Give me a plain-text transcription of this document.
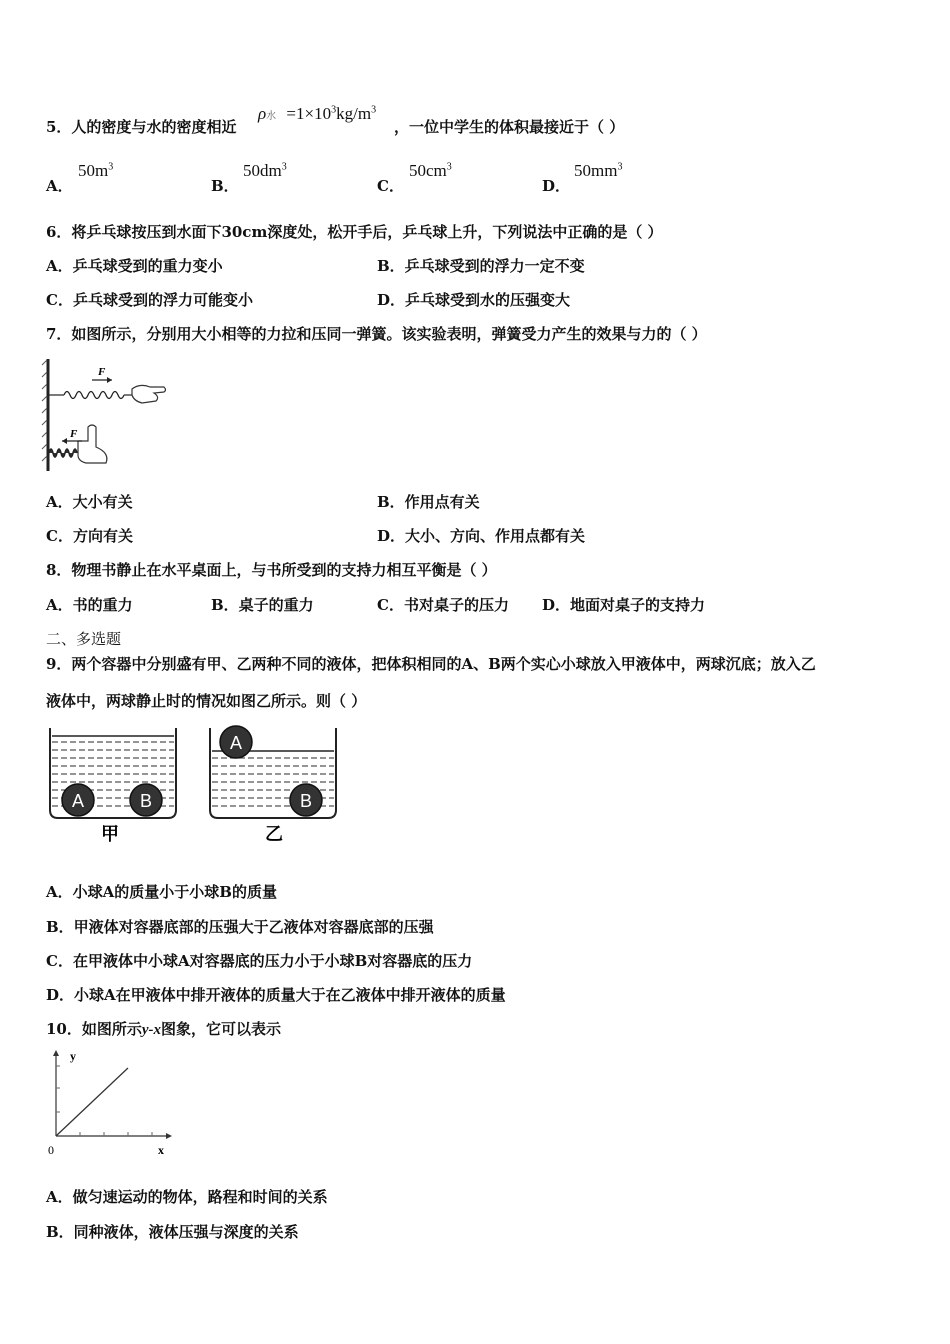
5．人的密度与水的密度相近
ρ水 $=1\times 10^3kg/m^3$
，一位中学生的体积最接近于（ ）
A．
$50m^3$
B．
$50dm^3$
C．
$50cm^3$
D．
$50mm^3$
6．将乒乓球按压到水面下30cm深度处，松开手后，乒乓球上升，下列说法中正确的是（ ）
A．乒乓球受到的重力变小	B．乒乓球受到的浮力一定不变
C．乒乓球受到的浮力可能变小	D．乒乓球受到水的压强变大
7．如图所示，分别用大小相等的力拉和压同一弹簧。该实验表明，弹簧受力产生的效果与力的（ ）
F
F
A．大小有关	B．作用点有关
C．方向有关	D．大小、方向、作用点都有关
8．物理书静止在水平桌面上，与书所受到的支持力相互平衡是（ ）
A．书的重力	B．桌子的重力	C．书对桌子的压力 D．地面对桌子的支持力
二、多选题
9．两个容器中分别盛有甲、乙两种不同的液体，把体积相同的A、B两个实心小球放入甲液体中，两球沉底；放入乙
液体中，两球静止时的情况如图乙所示。则（ ）
A	B
甲
A
B
乙
A．小球A的质量小于小球B的质量
B．甲液体对容器底部的压强大于乙液体对容器底部的压强
C．在甲液体中小球A对容器底的压力小于小球B对容器底的压力
D．小球A在甲液体中排开液体的质量大于在乙液体中排开液体的质量
10．如图所示y-x图象，它可以表示
y
0	x
A．做匀速运动的物体，路程和时间的关系
B．同种液体，液体压强与深度的关系
